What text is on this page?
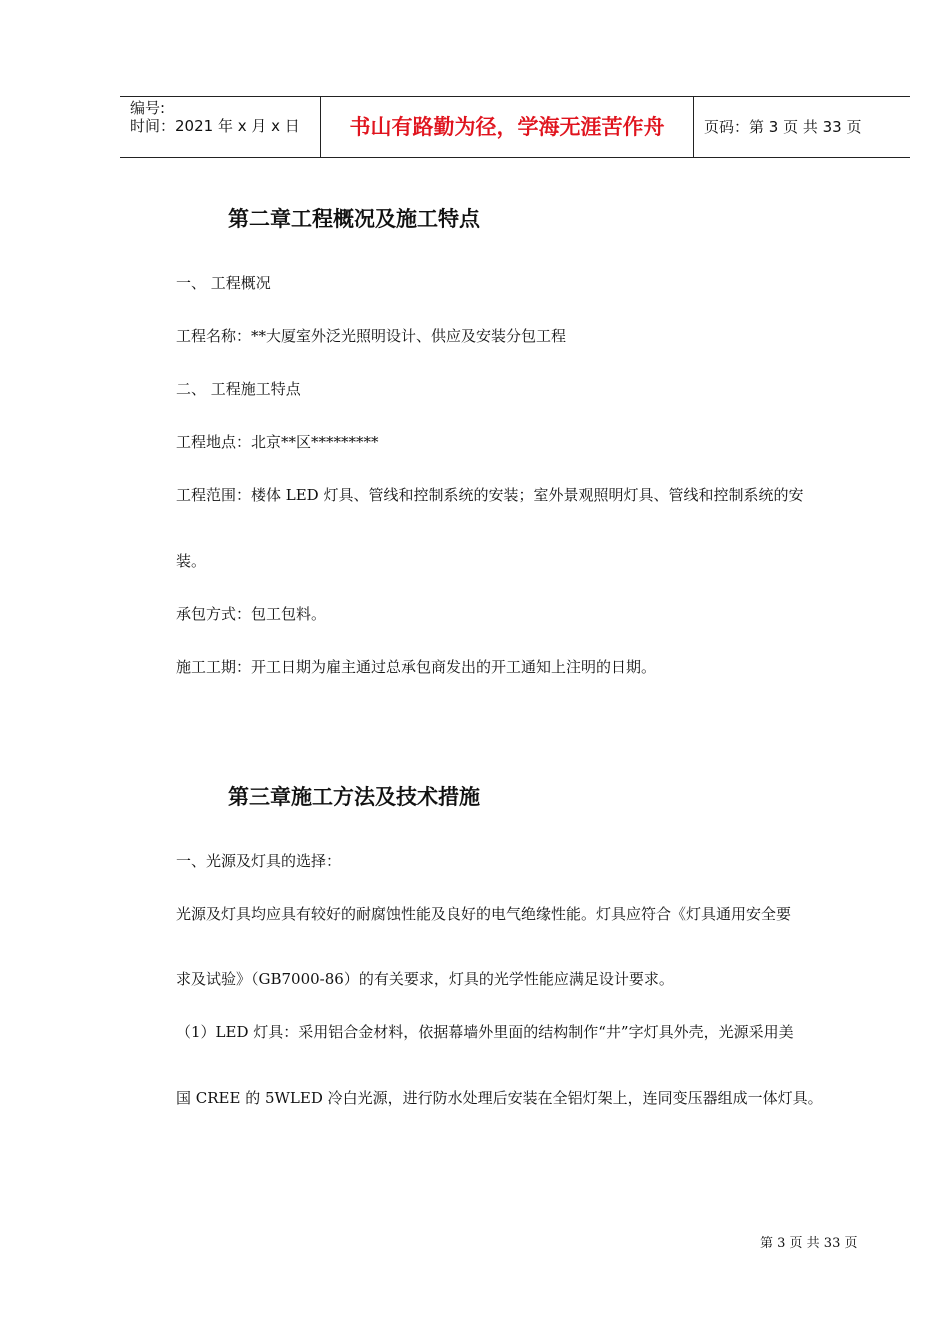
编号:
时间：2021 年 x 月 x 日	书山有路勤为径，学海无涯苦作舟	页码：第 3 页 共 33 页
第二章工程概况及施工特点
一、 工程概况
工程名称：**大厦室外泛光照明设计、供应及安装分包工程
二、 工程施工特点
工程地点：北京**区*********
工程范围：楼体 LED 灯具、管线和控制系统的安装；室外景观照明灯具、管线和控制系统的安
装。
承包方式：包工包料。
施工工期：开工日期为雇主通过总承包商发出的开工通知上注明的日期。
第三章施工方法及技术措施
一、光源及灯具的选择：
光源及灯具均应具有较好的耐腐蚀性能及良好的电气绝缘性能。灯具应符合《灯具通用安全要
求及试验》（GB7000-86）的有关要求，灯具的光学性能应满足设计要求。
（1）LED 灯具：采用铝合金材料，依据幕墙外里面的结构制作“井”字灯具外壳，光源采用美
国 CREE 的 5WLED 冷白光源，进行防水处理后安装在全铝灯架上，连同变压器组成一体灯具。
第 3 页 共 33 页
